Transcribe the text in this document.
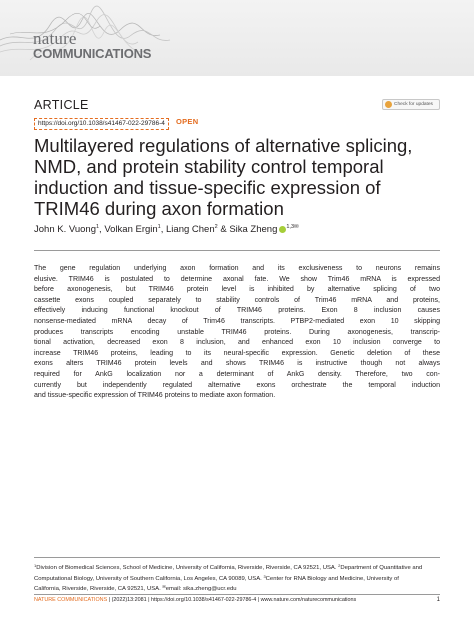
nature
COMMUNICATIONS
ARTICLE	Check for updates
https://doi.org/10.1038/s41467-022-29786-4	OPEN
Multilayered regulations of alternative splicing, NMD, and protein stability control temporal induction and tissue-specific expression of TRIM46 during axon formation
John K. Vuong$^1$, Volkan Ergin$^1$, Liang Chen$^2$ & Sika Zheng $^{1,3✉}$
The gene regulation underlying axon formation and its exclusiveness to neurons remains
elusive. TRIM46 is postulated to determine axonal fate. We show Trim46 mRNA is expressed
before axonogenesis, but TRIM46 protein level is inhibited by alternative splicing of two
cassette exons coupled separately to stability controls of Trim46 mRNA and proteins,
effectively inducing functional knockout of TRIM46 proteins. Exon 8 inclusion causes
nonsense-mediated mRNA decay of Trim46 transcripts. PTBP2-mediated exon 10 skipping
produces transcripts encoding unstable TRIM46 proteins. During axonogenesis, transcrip-
tional activation, decreased exon 8 inclusion, and enhanced exon 10 inclusion converge to
increase TRIM46 proteins, leading to its neural-specific expression. Genetic deletion of these
exons alters TRIM46 protein levels and shows TRIM46 is instructive though not always
required for AnkG localization nor a determinant of AnkG density. Therefore, two con-
currently but independently regulated alternative exons orchestrate the temporal induction
and tissue-specific expression of TRIM46 proteins to mediate axon formation.
$^1$Division of Biomedical Sciences, School of Medicine, University of California, Riverside, Riverside, CA 92521, USA. $^2$Department of Quantitative and
Computational Biology, University of Southern California, Los Angeles, CA 90089, USA. $^3$Center for RNA Biology and Medicine, University of
California, Riverside, Riverside, CA 92521, USA. ✉email: sika.zheng@ucr.edu
NATURE COMMUNICATIONS | (2022)13:2081 | https://doi.org/10.1038/s41467-022-29786-4 | www.nature.com/naturecommunications	1
